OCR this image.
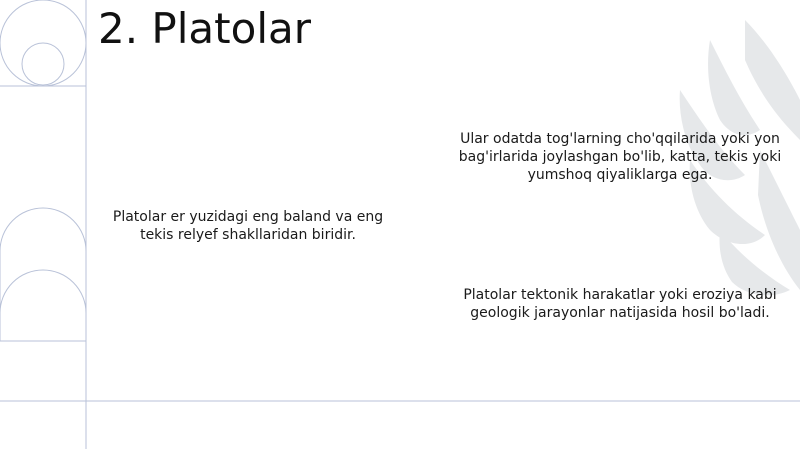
2. Platolar
Platolar er yuzidagi eng baland va eng tekis relyef shakllaridan biridir.
Ular odatda tog'larning cho'qqilarida yoki yon bag'irlarida joylashgan bo'lib, katta, tekis yoki yumshoq qiyaliklarga ega.
Platolar tektonik harakatlar yoki eroziya kabi geologik jarayonlar natijasida hosil bo'ladi.
